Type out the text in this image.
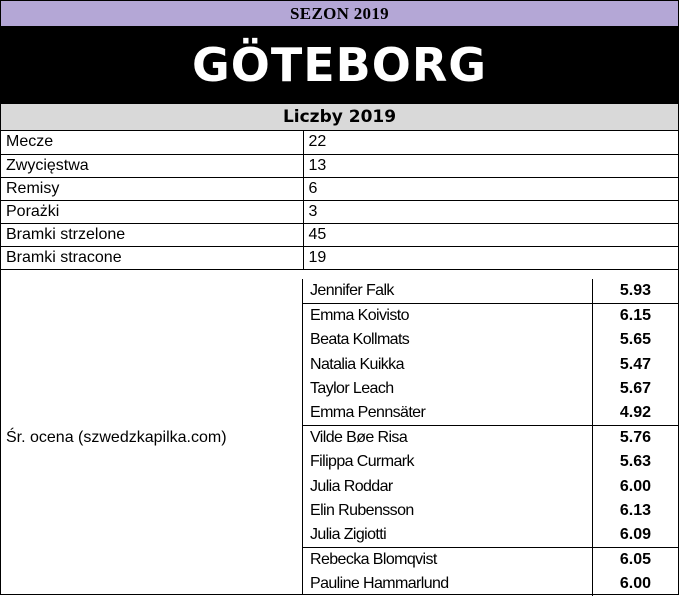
SEZON 2019
GÖTEBORG
Liczby 2019
Mecze	22
Zwycięstwa	13
Remisy	6
Porażki	3
Bramki strzelone	45
Bramki stracone	19
Śr. ocena (szwedzkapilka.com)
Jennifer Falk	5.93
Emma Koivisto	6.15
Beata Kollmats	5.65
Natalia Kuikka	5.47
Taylor Leach	5.67
Emma Pennsäter	4.92
Vilde Bøe Risa	5.76
Filippa Curmark	5.63
Julia Roddar	6.00
Elin Rubensson	6.13
Julia Zigiotti	6.09
Rebecka Blomqvist	6.05
Pauline Hammarlund	6.00
